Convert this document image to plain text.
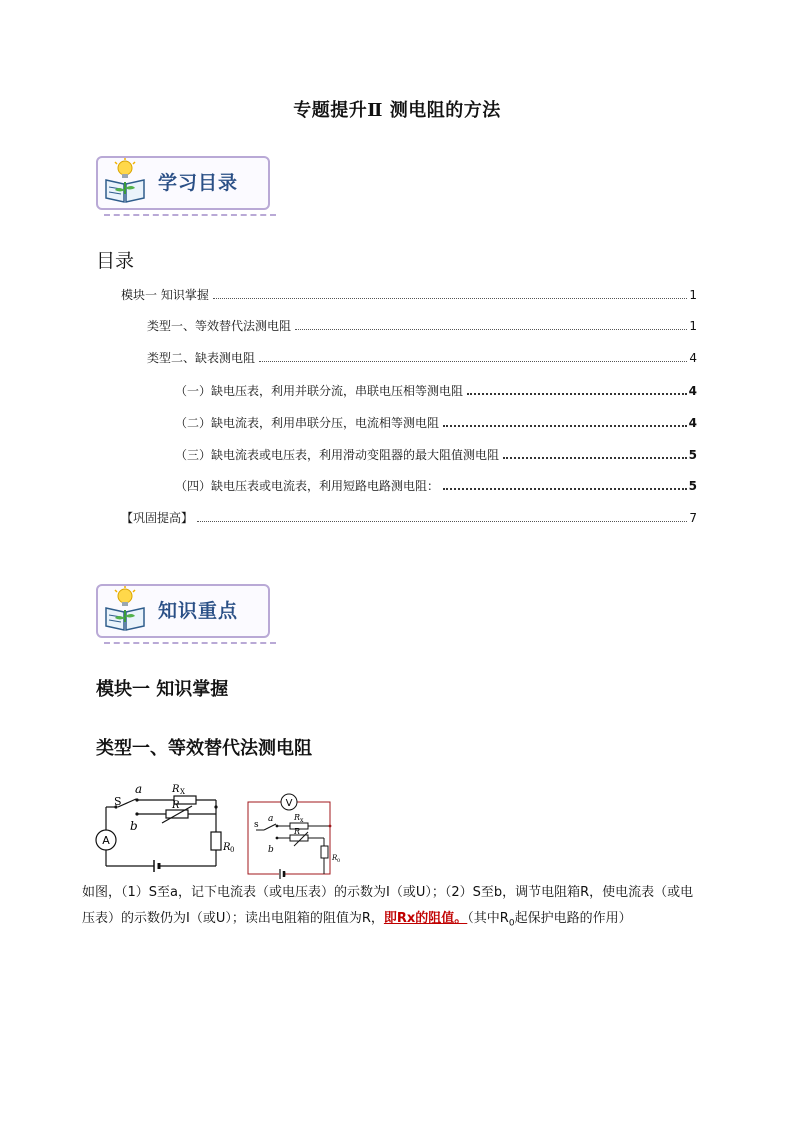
专题提升Ⅱ 测电阻的方法
学习目录
目录
模块一 知识掌握	1
类型一、等效替代法测电阻	1
类型二、缺表测电阻	4
（一）缺电压表，利用并联分流，串联电压相等测电阻	4
（二）缺电流表，利用串联分压，电流相等测电阻	4
（三）缺电流表或电压表，利用滑动变阻器的最大阻值测电阻	5
（四）缺电压表或电流表，利用短路电路测电阻：	5
【巩固提高】	7
知识重点
模块一 知识掌握
类型一、等效替代法测电阻
A
S
a
b
R X
R
R 0
V
s
a
b
R x
R
R 0
如图，（1）S至a，记下电流表（或电压表）的示数为I（或U）；（2）S至b，调节电阻箱R，使电流表（或电压表）的示数仍为I（或U）；读出电阻箱的阻值为R，即Rx的阻值。（其中$R_0$起保护电路的作用）
